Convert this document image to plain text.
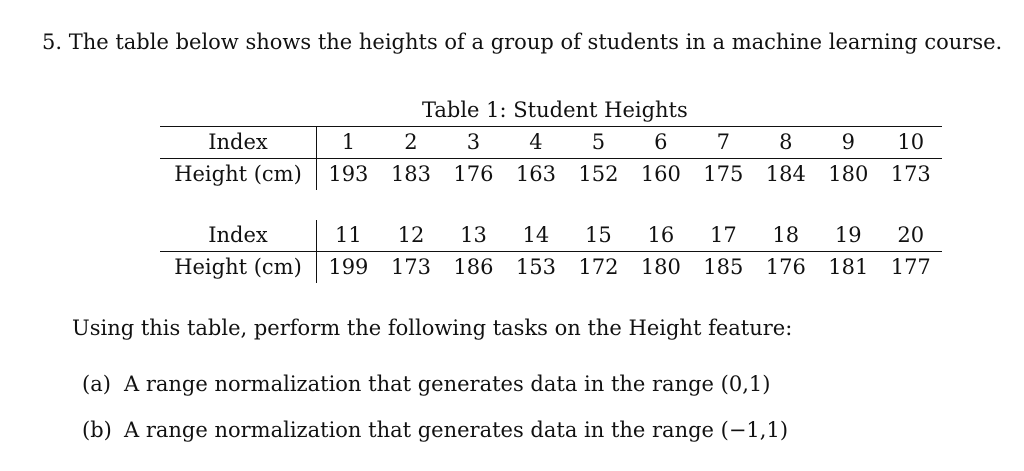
5. The table below shows the heights of a group of students in a machine learning course.
Table 1: Student Heights
Index	1	2	3	4	5	6	7	8	9	10
Height (cm)	193	183	176	163	152	160	175	184	180	173

Index	11	12	13	14	15	16	17	18	19	20
Height (cm)	199	173	186	153	172	180	185	176	181	177
Using this table, perform the following tasks on the Height feature:
(a) A range normalization that generates data in the range (0,1)
(b) A range normalization that generates data in the range (−1,1)
